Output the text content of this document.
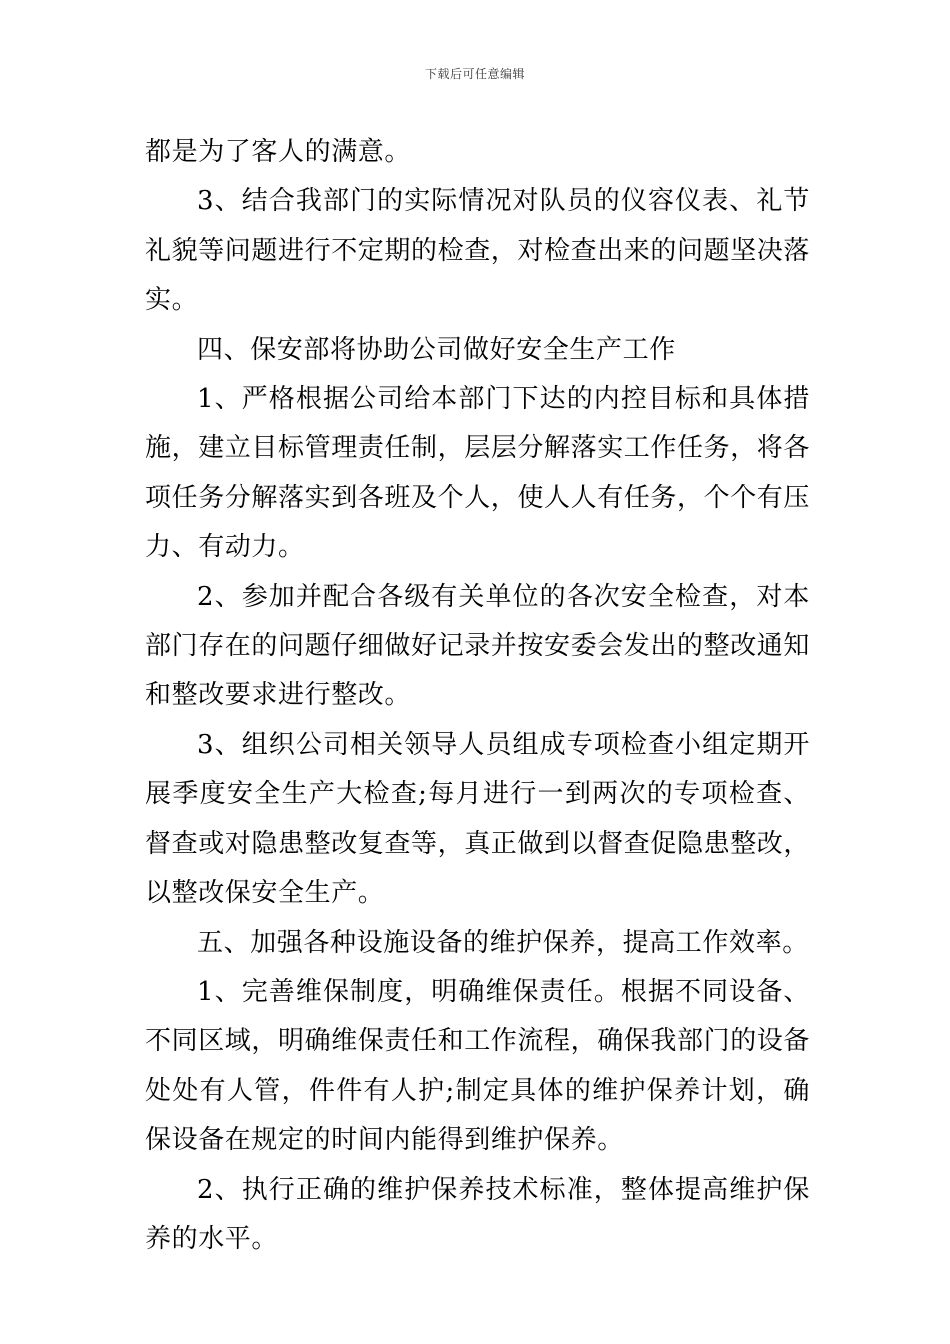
下载后可任意编辑

都是为了客人的满意。

3、结合我部门的实际情况对队员的仪容仪表、礼节礼貌等问题进行不定期的检查，对检查出来的问题坚决落实。

四、保安部将协助公司做好安全生产工作

1、严格根据公司给本部门下达的内控目标和具体措施，建立目标管理责任制，层层分解落实工作任务，将各项任务分解落实到各班及个人，使人人有任务，个个有压力、有动力。

2、参加并配合各级有关单位的各次安全检查，对本部门存在的问题仔细做好记录并按安委会发出的整改通知和整改要求进行整改。

3、组织公司相关领导人员组成专项检查小组定期开展季度安全生产大检查;每月进行一到两次的专项检查、督查或对隐患整改复查等，真正做到以督查促隐患整改，以整改保安全生产。

五、加强各种设施设备的维护保养，提高工作效率。

1、完善维保制度，明确维保责任。根据不同设备、不同区域，明确维保责任和工作流程，确保我部门的设备处处有人管，件件有人护;制定具体的维护保养计划，确保设备在规定的时间内能得到维护保养。

2、执行正确的维护保养技术标准，整体提高维护保养的水平。
